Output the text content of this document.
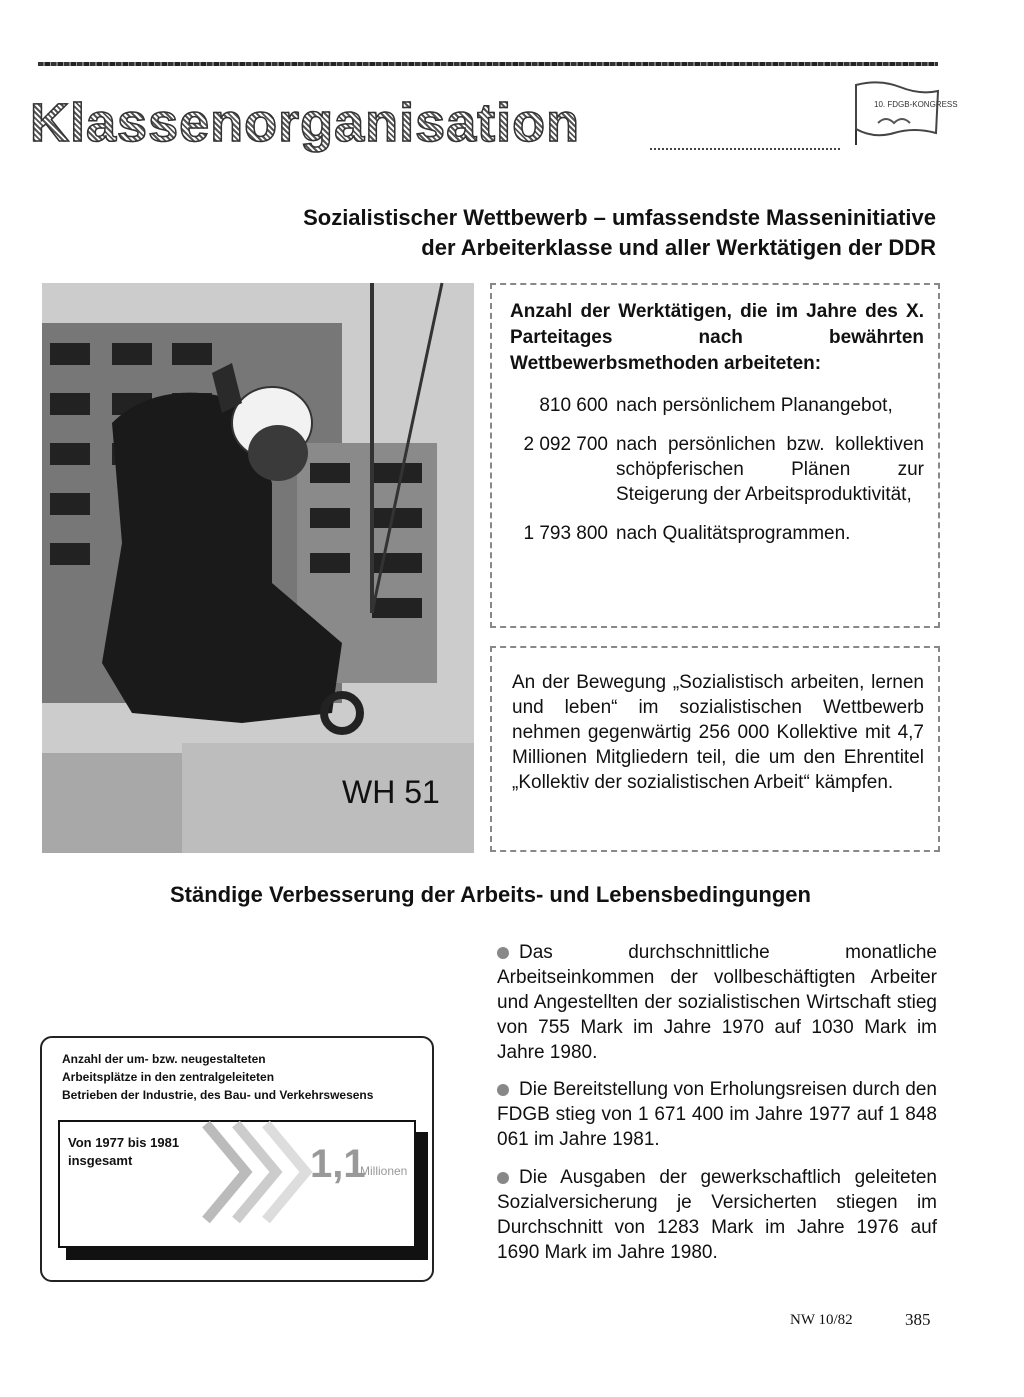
Klassenorganisation	10. FDGB-KONGRESS
Sozialistischer Wettbewerb – umfassendste Masseninitiative
der Arbeiterklasse und aller Werktätigen der DDR
WH 51
Anzahl der Werktätigen, die im Jahre des X. Parteitages nach bewährten Wettbewerbsmethoden arbeiteten:
810 600 nach persönlichem Planangebot,
2 092 700 nach persönlichen bzw. kollektiven schöpferischen Plänen zur Steigerung der Arbeitsproduktivität,
1 793 800 nach Qualitätsprogrammen.
An der Bewegung „Sozialistisch arbeiten, lernen und leben“ im sozialistischen Wettbewerb nehmen gegenwärtig 256 000 Kollektive mit 4,7 Millionen Mitgliedern teil, die um den Ehrentitel „Kollektiv der sozialistischen Arbeit“ kämpfen.
Ständige Verbesserung der Arbeits- und Lebensbedingungen
Das durchschnittliche monatliche Arbeitseinkommen der vollbeschäftigten Arbeiter und Angestellten der sozialistischen Wirtschaft stieg von 755 Mark im Jahre 1970 auf 1030 Mark im Jahre 1980.
Die Bereitstellung von Erholungsreisen durch den FDGB stieg von 1 671 400 im Jahre 1977 auf 1 848 061 im Jahre 1981.
Die Ausgaben der gewerkschaftlich geleiteten Sozialversicherung je Versicherten stiegen im Durchschnitt von 1283 Mark im Jahre 1976 auf 1690 Mark im Jahre 1980.
Anzahl der um- bzw. neugestalteten
Arbeitsplätze in den zentralgeleiteten
Betrieben der Industrie, des Bau- und Verkehrswesens
Von 1977 bis 1981
insgesamt	1,1
Millionen
NW 10/82	385
